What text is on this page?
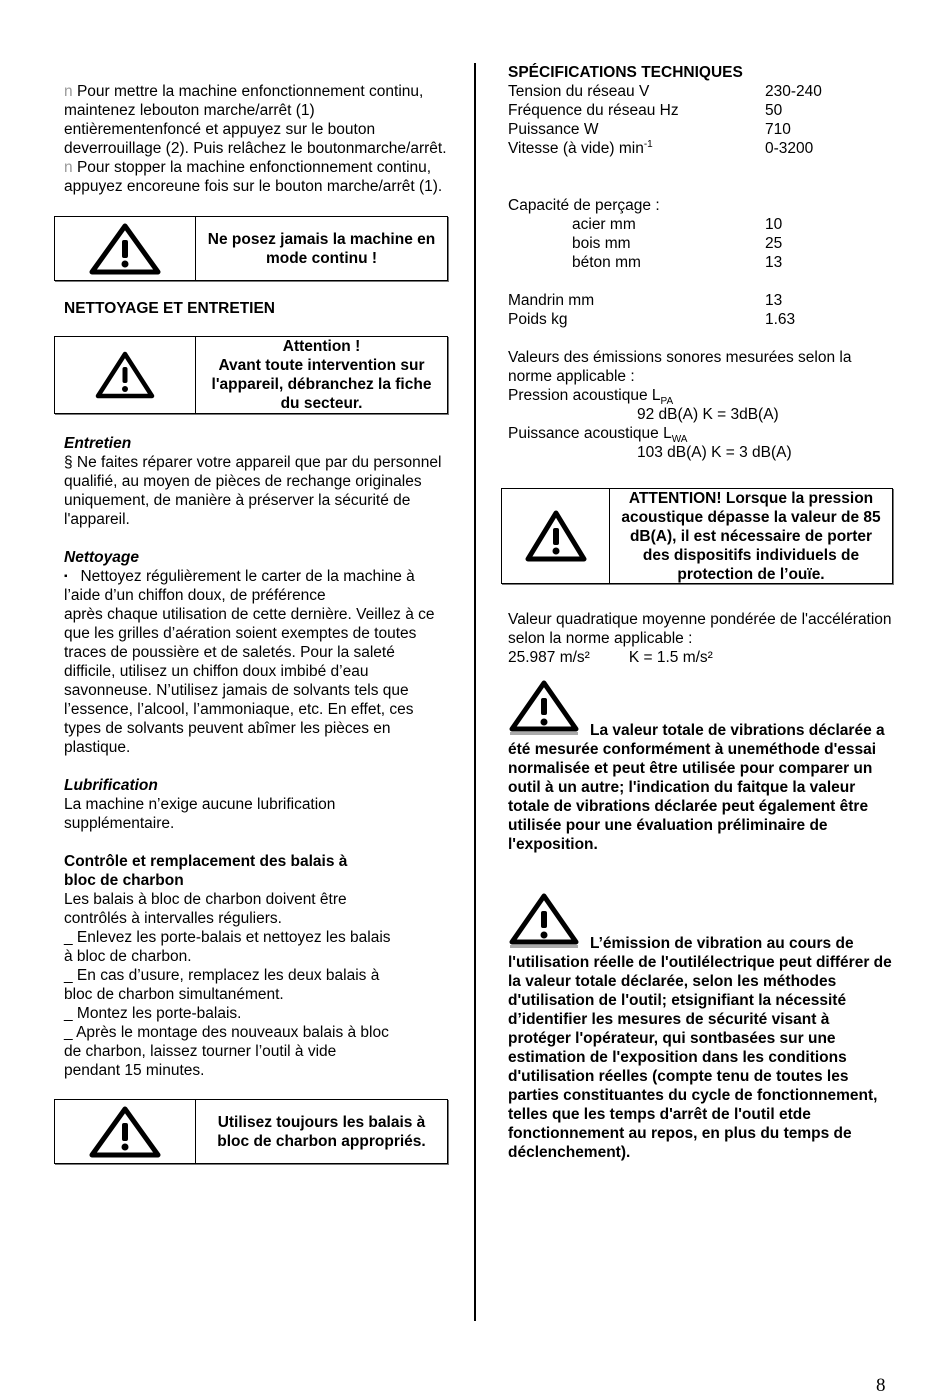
n Pour mettre la machine enfonctionnement continu, maintenez lebouton marche/arrêt (1) entièrementenfoncé et appuyez sur le bouton deverrouillage (2). Puis relâchez le boutonmarche/arrêt.

n Pour stopper la machine enfonctionnement continu, appuyez encoreune fois sur le bouton marche/arrêt (1).

Ne posez jamais la machine en mode continu !

NETTOYAGE ET ENTRETIEN

Attention !
Avant toute intervention sur l'appareil, débranchez la fiche du secteur.

Entretien

§ Ne faites réparer votre appareil que par du personnel qualifié, au moyen de pièces de rechange originales uniquement, de manière à préserver la sécurité de l'appareil.

Nettoyage

▪ Nettoyez régulièrement le carter de la machine à l’aide d’un chiffon doux, de préférence

après chaque utilisation de cette dernière. Veillez à ce que les grilles d’aération soient exemptes de toutes traces de poussière et de saletés. Pour la saleté difficile, utilisez un chiffon doux imbibé d’eau savonneuse. N’utilisez jamais de solvants tels que l’essence, l’alcool, l’ammoniaque, etc. En effet, ces types de solvants peuvent abîmer les pièces en plastique.

Lubrification

La machine n’exige aucune lubrification supplémentaire.

Contrôle et remplacement des balais à bloc de charbon

Les balais à bloc de charbon doivent être contrôlés à intervalles réguliers.

_ Enlevez les porte-balais et nettoyez les balais à bloc de charbon.

_ En cas d’usure, remplacez les deux balais à bloc de charbon simultanément.

_ Montez les porte-balais.

_ Après le montage des nouveaux balais à bloc de charbon, laissez tourner l’outil à vide pendant 15 minutes.

Utilisez toujours les balais à bloc de charbon appropriés.

SPÉCIFICATIONS TECHNIQUES

Tension du réseau V	230-240
Fréquence du réseau Hz	50
Puissance W	710
Vitesse (à vide) $\min^{-1}$	0-3200

Capacité de perçage :

acier mm	10
bois mm	25
béton mm	13
Mandrin mm	13
Poids kg	1.63

Valeurs des émissions sonores mesurées selon la norme applicable :

Pression acoustique $L_{PA}$

92 dB(A) K = 3dB(A)

Puissance acoustique $L_{WA}$

103 dB(A) K = 3 dB(A)

ATTENTION! Lorsque la pression acoustique dépasse la valeur de 85 dB(A), il est nécessaire de porter des dispositifs individuels de protection de l’ouïe.

Valeur quadratique moyenne pondérée de l'accélération selon la norme applicable :

25.987 m/s²	K = 1.5 m/s²

La valeur totale de vibrations déclarée a été mesurée conformément à uneméthode d'essai normalisée et peut être utilisée pour comparer un outil à un autre; l'indication du faitque la valeur totale de vibrations déclarée peut également être utilisée pour une évaluation préliminaire de l'exposition.

L’émission de vibration au cours de l'utilisation réelle de l'outilélectrique peut différer de la valeur totale déclarée, selon les méthodes d'utilisation de l'outil; etsignifiant la nécessité d’identifier les mesures de sécurité visant à protéger l'opérateur, qui sontbasées sur une estimation de l'exposition dans les conditions d'utilisation réelles (compte tenu de toutes les parties constituantes du cycle de fonctionnement, telles que les temps d'arrêt de l'outil etde fonctionnement au repos, en plus du temps de déclenchement).

8
